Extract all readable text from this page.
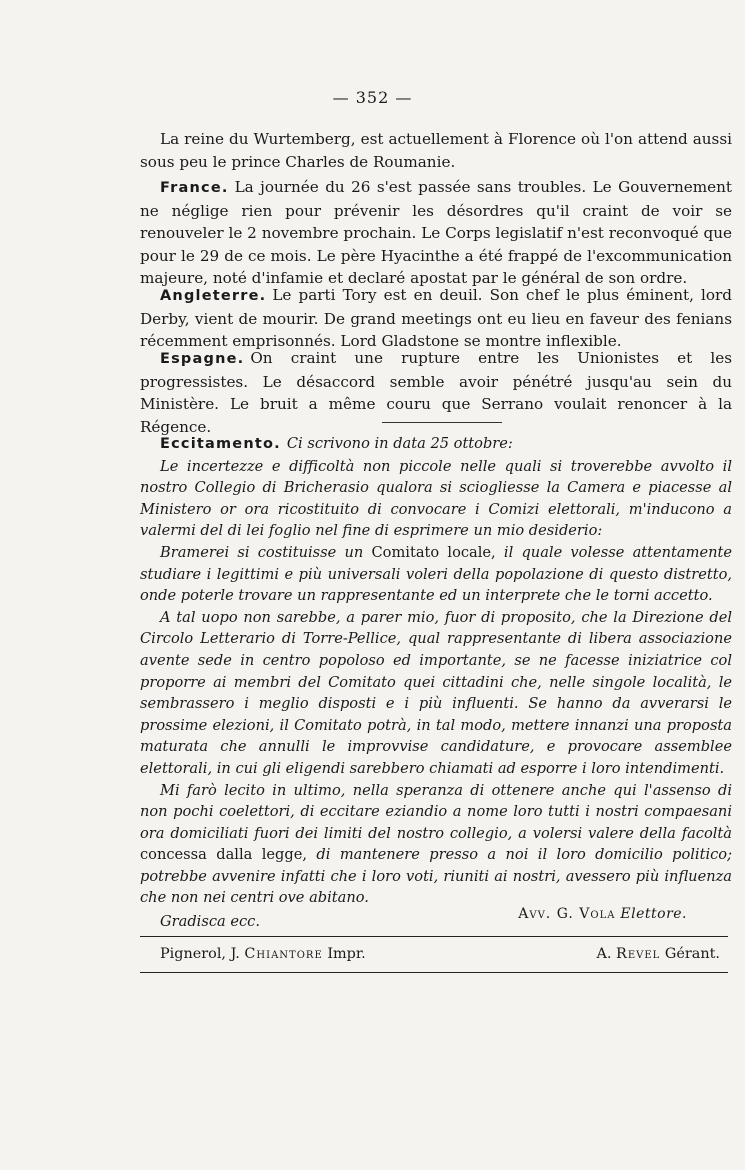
— 352 —

La reine du Wurtemberg, est actuellement à Florence où l'on attend aussi sous peu le prince Charles de Roumanie.

France. La journée du 26 s'est passée sans troubles. Le Gouvernement ne néglige rien pour prévenir les désordres qu'il craint de voir se renouveler le 2 novembre prochain. Le Corps legislatif n'est reconvoqué que pour le 29 de ce mois. Le père Hyacinthe a été frappé de l'excommunication majeure, noté d'infamie et declaré apostat par le général de son ordre.

Angleterre. Le parti Tory est en deuil. Son chef le plus éminent, lord Derby, vient de mourir. De grand meetings ont eu lieu en faveur des fenians récemment emprisonnés. Lord Gladstone se montre inflexible.

Espagne. On craint une rupture entre les Unionistes et les progressistes. Le désaccord semble avoir pénétré jusqu'au sein du Ministère. Le bruit a même couru que Serrano voulait renoncer à la Régence.

Eccitamento. Ci scrivono in data 25 ottobre:

Le incertezze e difficoltà non piccole nelle quali si troverebbe avvolto il nostro Collegio di Bricherasio qualora si sciogliesse la Camera e piacesse al Ministero or ora ricostituito di convocare i Comizi elettorali, m'inducono a valermi del di lei foglio nel fine di esprimere un mio desiderio:

Bramerei si costituisse un Comitato locale, il quale volesse attentamente studiare i legittimi e più universali voleri della popolazione di questo distretto, onde poterle trovare un rappresentante ed un interprete che le torni accetto.

A tal uopo non sarebbe, a parer mio, fuor di proposito, che la Direzione del Circolo Letterario di Torre-Pellice, qual rappresentante di libera associazione avente sede in centro popoloso ed importante, se ne facesse iniziatrice col proporre ai membri del Comitato quei cittadini che, nelle singole località, le sembrassero i meglio disposti e i più influenti. Se hanno da avverarsi le prossime elezioni, il Comitato potrà, in tal modo, mettere innanzi una proposta maturata che annulli le improvvise candidature, e provocare assemblee elettorali, in cui gli eligendi sarebbero chiamati ad esporre i loro intendimenti.

Mi farò lecito in ultimo, nella speranza di ottenere anche qui l'assenso di non pochi coelettori, di eccitare eziandio a nome loro tutti i nostri compaesani ora domiciliati fuori dei limiti del nostro collegio, a volersi valere della facoltà concessa dalla legge, di mantenere presso a noi il loro domicilio politico; potrebbe avvenire infatti che i loro voti, riuniti ai nostri, avessero più influenza che non nei centri ove abitano.

Gradisca ecc.	Avv. G. Vola Elettore.
Pignerol, J. Chiantore Impr.	A. Revel Gérant.
